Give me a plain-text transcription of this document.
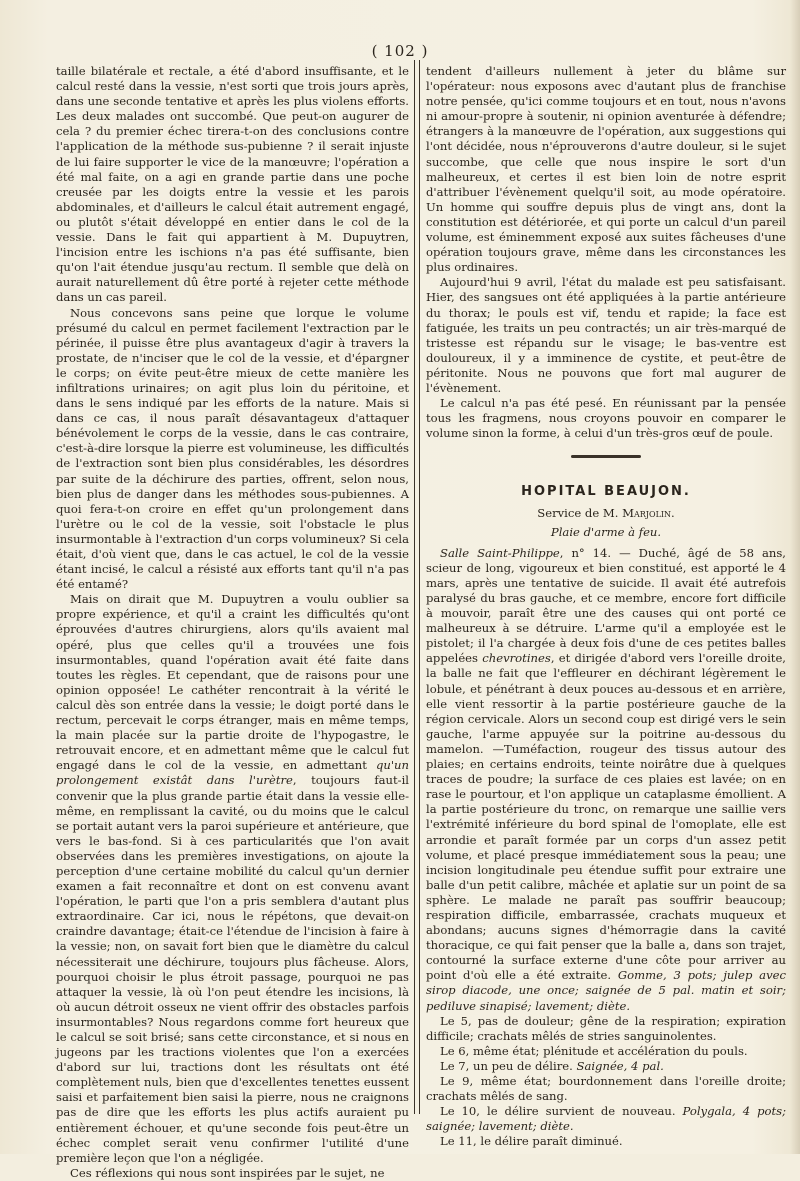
( 102 )

taille bilatérale et rectale, a été d'abord insuffisante, et le calcul resté dans la vessie, n'est sorti que trois jours après, dans une seconde tentative et après les plus violens efforts. Les deux malades ont succombé. Que peut-on augurer de cela ? du premier échec tirera-t-on des conclusions contre l'application de la méthode sus-pubienne ? il serait injuste de lui faire supporter le vice de la manœuvre; l'opération a été mal faite, on a agi en grande partie dans une poche creusée par les doigts entre la vessie et les parois abdominales, et d'ailleurs le calcul était autrement engagé, ou plutôt s'était développé en entier dans le col de la vessie. Dans le fait qui appartient à M. Dupuytren, l'incision entre les ischions n'a pas été suffisante, bien qu'on l'ait étendue jusqu'au rectum. Il semble que delà on aurait naturellement dû être porté à rejeter cette méthode dans un cas pareil.

Nous concevons sans peine que lorque le volume présumé du calcul en permet facilement l'extraction par le périnée, il puisse être plus avantageux d'agir à travers la prostate, de n'inciser que le col de la vessie, et d'épargner le corps; on évite peut-être mieux de cette manière les infiltrations urinaires; on agit plus loin du péritoine, et dans le sens indiqué par les efforts de la nature. Mais si dans ce cas, il nous paraît désavantageux d'attaquer bénévolement le corps de la vessie, dans le cas contraire, c'est-à-dire lorsque la pierre est volumineuse, les difficultés de l'extraction sont bien plus considérables, les désordres par suite de la déchirure des parties, offrent, selon nous, bien plus de danger dans les méthodes sous-pubiennes. A quoi fera-t-on croire en effet qu'un prolongement dans l'urètre ou le col de la vessie, soit l'obstacle le plus insurmontable à l'extraction d'un corps volumineux? Si cela était, d'où vient que, dans le cas actuel, le col de la vessie étant incisé, le calcul a résisté aux efforts tant qu'il n'a pas été entamé?

Mais on dirait que M. Dupuytren a voulu oublier sa propre expérience, et qu'il a craint les difficultés qu'ont éprouvées d'autres chirurgiens, alors qu'ils avaient mal opéré, plus que celles qu'il a trouvées une fois insurmontables, quand l'opération avait été faite dans toutes les règles. Et cependant, que de raisons pour une opinion opposée! Le cathéter rencontrait à la vérité le calcul dès son entrée dans la vessie; le doigt porté dans le rectum, percevait le corps étranger, mais en même temps, la main placée sur la partie droite de l'hypogastre, le retrouvait encore, et en admettant même que le calcul fut engagé dans le col de la vessie, en admettant qu'un prolongement existât dans l'urètre, toujours faut-il convenir que la plus grande partie était dans la vessie elle-même, en remplissant la cavité, ou du moins que le calcul se portait autant vers la paroi supérieure et antérieure, que vers le bas-fond. Si à ces particularités que l'on avait observées dans les premières investigations, on ajoute la perception d'une certaine mobilité du calcul qu'un dernier examen a fait reconnaître et dont on est convenu avant l'opération, le parti que l'on a pris semblera d'autant plus extraordinaire. Car ici, nous le répétons, que devait-on craindre davantage; était-ce l'étendue de l'incision à faire à la vessie; non, on savait fort bien que le diamètre du calcul nécessiterait une déchirure, toujours plus fâcheuse. Alors, pourquoi choisir le plus étroit passage, pourquoi ne pas attaquer la vessie, là où l'on peut étendre les incisions, là où aucun détroit osseux ne vient offrir des obstacles parfois insurmontables? Nous regardons comme fort heureux que le calcul se soit brisé; sans cette circonstance, et si nous en jugeons par les tractions violentes que l'on a exercées d'abord sur lui, tractions dont les résultats ont été complètement nuls, bien que d'excellentes tenettes eussent saisi et parfaitement bien saisi la pierre, nous ne craignons pas de dire que les efforts les plus actifs auraient pu entièrement échouer, et qu'une seconde fois peut-être un échec complet serait venu confirmer l'utilité d'une première leçon que l'on a négligée.

Ces réflexions qui nous sont inspirées par le sujet, ne

tendent d'ailleurs nullement à jeter du blâme sur l'opérateur: nous exposons avec d'autant plus de franchise notre pensée, qu'ici comme toujours et en tout, nous n'avons ni amour-propre à soutenir, ni opinion aventurée à défendre; étrangers à la manœuvre de l'opération, aux suggestions qui l'ont décidée, nous n'éprouverons d'autre douleur, si le sujet succombe, que celle que nous inspire le sort d'un malheureux, et certes il est bien loin de notre esprit d'attribuer l'évènement quelqu'il soit, au mode opératoire. Un homme qui souffre depuis plus de vingt ans, dont la constitution est détériorée, et qui porte un calcul d'un pareil volume, est éminemment exposé aux suites fâcheuses d'une opération toujours grave, même dans les circonstances les plus ordinaires.

Aujourd'hui 9 avril, l'état du malade est peu satisfaisant. Hier, des sangsues ont été appliquées à la partie antérieure du thorax; le pouls est vif, tendu et rapide; la face est fatiguée, les traits un peu contractés; un air très-marqué de tristesse est répandu sur le visage; le bas-ventre est douloureux, il y a imminence de cystite, et peut-être de péritonite. Nous ne pouvons que fort mal augurer de l'évènement.

Le calcul n'a pas été pesé. En réunissant par la pensée tous les fragmens, nous croyons pouvoir en comparer le volume sinon la forme, à celui d'un très-gros œuf de poule.

HOPITAL BEAUJON.
Service de M. Marjolin.
Plaie d'arme à feu.

Salle Saint-Philippe, n° 14. — Duché, âgé de 58 ans, scieur de long, vigoureux et bien constitué, est apporté le 4 mars, après une tentative de suicide. Il avait été autrefois paralysé du bras gauche, et ce membre, encore fort difficile à mouvoir, paraît être une des causes qui ont porté ce malheureux à se détruire. L'arme qu'il a employée est le pistolet; il l'a chargée à deux fois d'une de ces petites balles appelées chevrotines, et dirigée d'abord vers l'oreille droite, la balle ne fait que l'effleurer en déchirant légèrement le lobule, et pénétrant à deux pouces au-dessous et en arrière, elle vient ressortir à la partie postérieure gauche de la région cervicale. Alors un second coup est dirigé vers le sein gauche, l'arme appuyée sur la poitrine au-dessous du mamelon. —Tuméfaction, rougeur des tissus autour des plaies; en certains endroits, teinte noirâtre due à quelques traces de poudre; la surface de ces plaies est lavée; on en rase le pourtour, et l'on applique un cataplasme émollient. A la partie postérieure du tronc, on remarque une saillie vers l'extrémité inférieure du bord spinal de l'omoplate, elle est arrondie et paraît formée par un corps d'un assez petit volume, et placé presque immédiatement sous la peau; une incision longitudinale peu étendue suffit pour extraire une balle d'un petit calibre, mâchée et aplatie sur un point de sa sphère. Le malade ne paraît pas souffrir beaucoup; respiration difficile, embarrassée, crachats muqueux et abondans; aucuns signes d'hémorragie dans la cavité thoracique, ce qui fait penser que la balle a, dans son trajet, contourné la surface externe d'une côte pour arriver au point d'où elle a été extraite. Gomme, 3 pots; julep avec sirop diacode, une once; saignée de 5 pal. matin et soir; pediluve sinapisé; lavement; diète.

Le 5, pas de douleur; gêne de la respiration; expiration difficile; crachats mêlés de stries sanguinolentes.

Le 6, même état; plénitude et accélération du pouls.

Le 7, un peu de délire. Saignée, 4 pal.

Le 9, même état; bourdonnement dans l'oreille droite; crachats mêlés de sang.

Le 10, le délire survient de nouveau. Polygala, 4 pots; saignée; lavement; diète.

Le 11, le délire paraît diminué.
